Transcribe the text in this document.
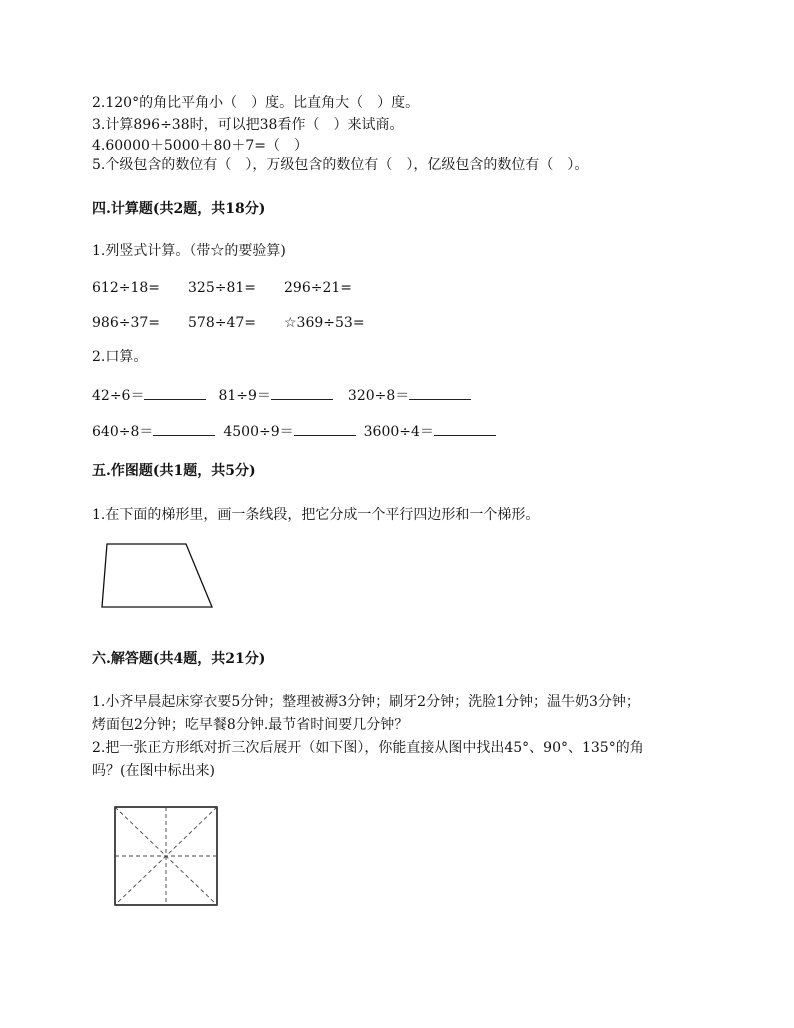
2.120°的角比平角小（　）度。比直角大（　）度。
3.计算896÷38时，可以把38看作（　）来试商。
4.60000＋5000＋80＋7=（　）
5.个级包含的数位有（　），万级包含的数位有（　），亿级包含的数位有（　）。
四.计算题(共2题，共18分)
1.列竖式计算。（带☆的要验算)
612÷18= 325÷81= 296÷21=
986÷37= 578÷47= ☆369÷53=
2.口算。
42÷6＝	81÷9＝	320÷8＝
640÷8＝	4500÷9＝	3600÷4＝
五.作图题(共1题，共5分)
1.在下面的梯形里，画一条线段，把它分成一个平行四边形和一个梯形。
六.解答题(共4题，共21分)
1.小齐早晨起床穿衣要5分钟；整理被褥3分钟；刷牙2分钟；洗脸1分钟；温牛奶3分钟；
烤面包2分钟；吃早餐8分钟.最节省时间要几分钟？
2.把一张正方形纸对折三次后展开（如下图），你能直接从图中找出45°、90°、135°的角
吗？(在图中标出来)
